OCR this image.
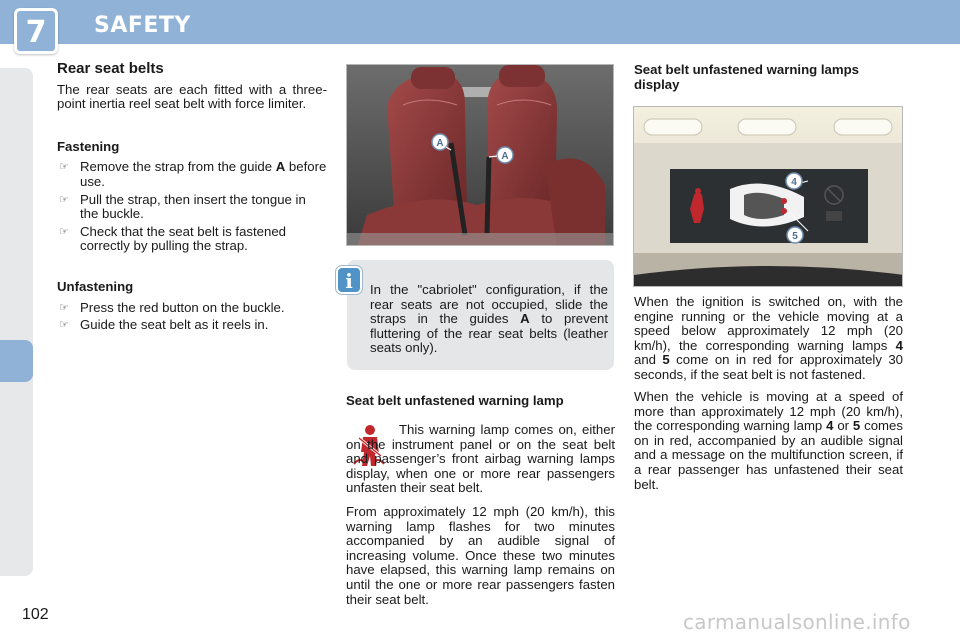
7	SAFETY
Rear seat belts

The rear seats are each fitted with a three-point inertia reel seat belt with force limiter.

Fastening
☞ Remove the strap from the guide A before use.
☞ Pull the strap, then insert the tongue in the buckle.
☞ Check that the seat belt is fastened correctly by pulling the strap.
Unfastening
☞ Press the red button on the buckle.
☞ Guide the seat belt as it reels in.
A
A
i	In the "cabriolet" configuration, if the rear seats are not occupied, slide the straps in the guides A to prevent fluttering of the rear seat belts (leather seats only).
Seat belt unfastened warning lamp
This warning lamp comes on, either on the instrument panel or on the seat belt and passenger’s front airbag warning lamps display, when one or more rear passengers unfasten their seat belt.
From approximately 12 mph (20 km/h), this warning lamp flashes for two minutes accompanied by an audible signal of increasing volume. Once these two minutes have elapsed, this warning lamp remains on until the one or more rear passengers fasten their seat belt.
Seat belt unfastened warning lamps display
4
5
When the ignition is switched on, with the engine running or the vehicle moving at a speed below approximately 12 mph (20 km/h), the corresponding warning lamps 4 and 5 come on in red for approximately 30 seconds, if the seat belt is not fastened.
When the vehicle is moving at a speed of more than approximately 12 mph (20 km/h), the corresponding warning lamp 4 or 5 comes on in red, accompanied by an audible signal and a message on the multifunction screen, if a rear passenger has unfastened their seat belt.
102	carmanualsonline.info
